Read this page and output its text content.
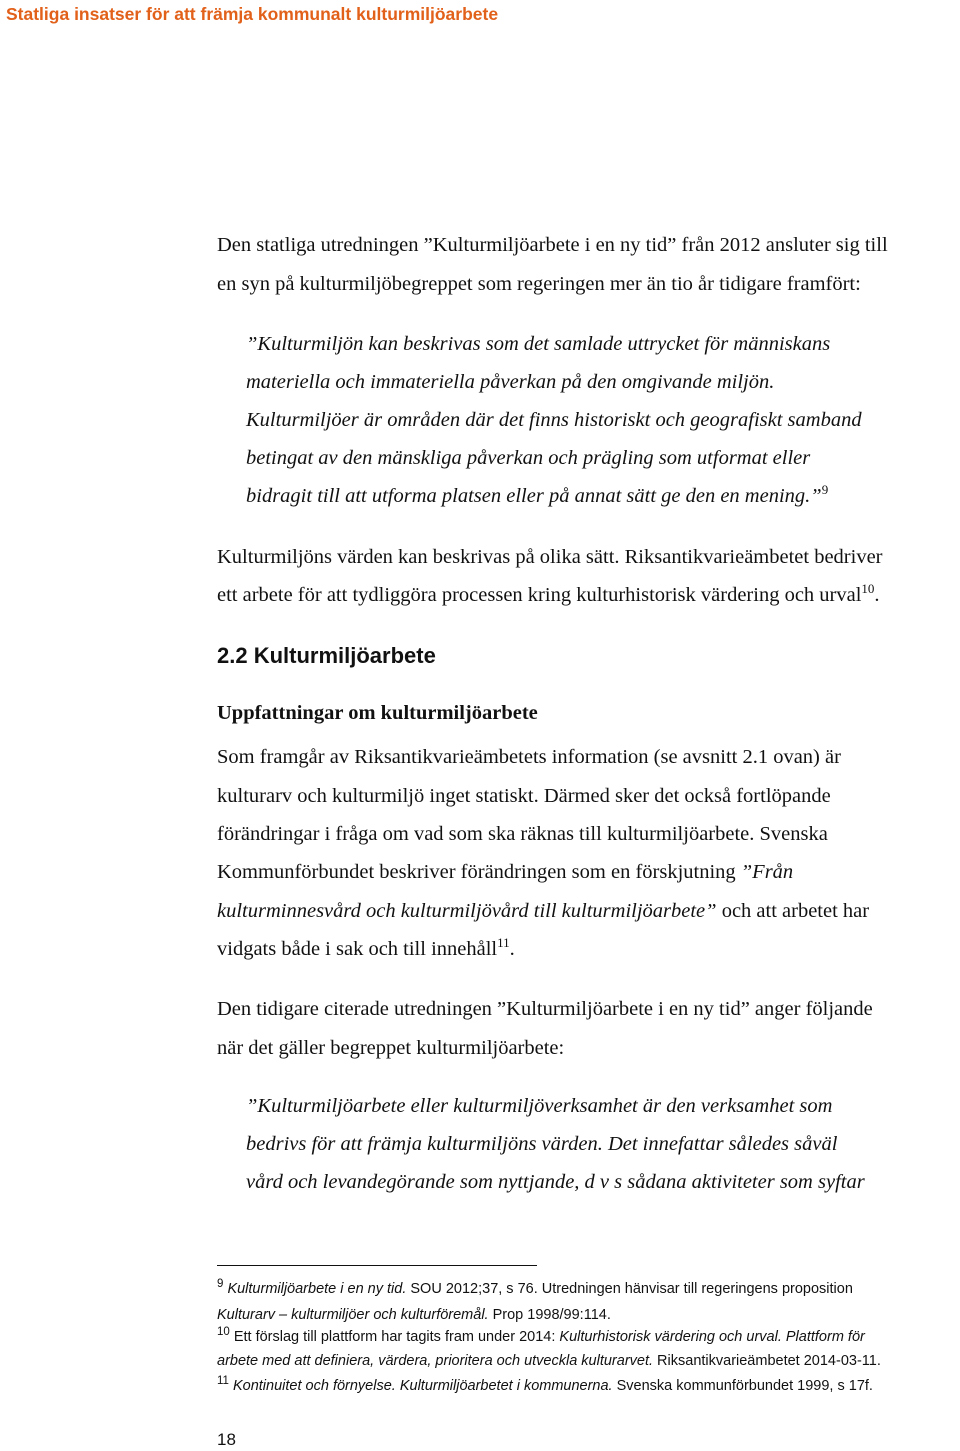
Statliga insatser för att främja kommunalt kulturmiljöarbete
Den statliga utredningen ”Kulturmiljöarbete i en ny tid” från 2012 ansluter sig till
en syn på kulturmiljöbegreppet som regeringen mer än tio år tidigare framfört:
”Kulturmiljön kan beskrivas som det samlade uttrycket för människans
materiella och immateriella påverkan på den omgivande miljön.
Kulturmiljöer är områden där det finns historiskt och geografiskt samband
betingat av den mänskliga påverkan och prägling som utformat eller
bidragit till att utforma platsen eller på annat sätt ge den en mening.”$^9$
Kulturmiljöns värden kan beskrivas på olika sätt. Riksantikvarieämbetet bedriver
ett arbete för att tydliggöra processen kring kulturhistorisk värdering och urval$^{10}$.
2.2 Kulturmiljöarbete
Uppfattningar om kulturmiljöarbete
Som framgår av Riksantikvarieämbetets information (se avsnitt 2.1 ovan) är
kulturarv och kulturmiljö inget statiskt. Därmed sker det också fortlöpande
förändringar i fråga om vad som ska räknas till kulturmiljöarbete. Svenska
Kommunförbundet beskriver förändringen som en förskjutning ”Från
kulturminnesvård och kulturmiljövård till kulturmiljöarbete” och att arbetet har
vidgats både i sak och till innehåll$^{11}$.
Den tidigare citerade utredningen ”Kulturmiljöarbete i en ny tid” anger följande
när det gäller begreppet kulturmiljöarbete:
”Kulturmiljöarbete eller kulturmiljöverksamhet är den verksamhet som
bedrivs för att främja kulturmiljöns värden. Det innefattar således såväl
vård och levandegörande som nyttjande, d v s sådana aktiviteter som syftar
$^9$ Kulturmiljöarbete i en ny tid. SOU 2012;37, s 76. Utredningen hänvisar till regeringens proposition
Kulturarv – kulturmiljöer och kulturföremål. Prop 1998/99:114.
$^{10}$ Ett förslag till plattform har tagits fram under 2014: Kulturhistorisk värdering och urval. Plattform för
arbete med att definiera, värdera, prioritera och utveckla kulturarvet. Riksantikvarieämbetet 2014-03-11.
$^{11}$ Kontinuitet och förnyelse. Kulturmiljöarbetet i kommunerna. Svenska kommunförbundet 1999, s 17f.
18
